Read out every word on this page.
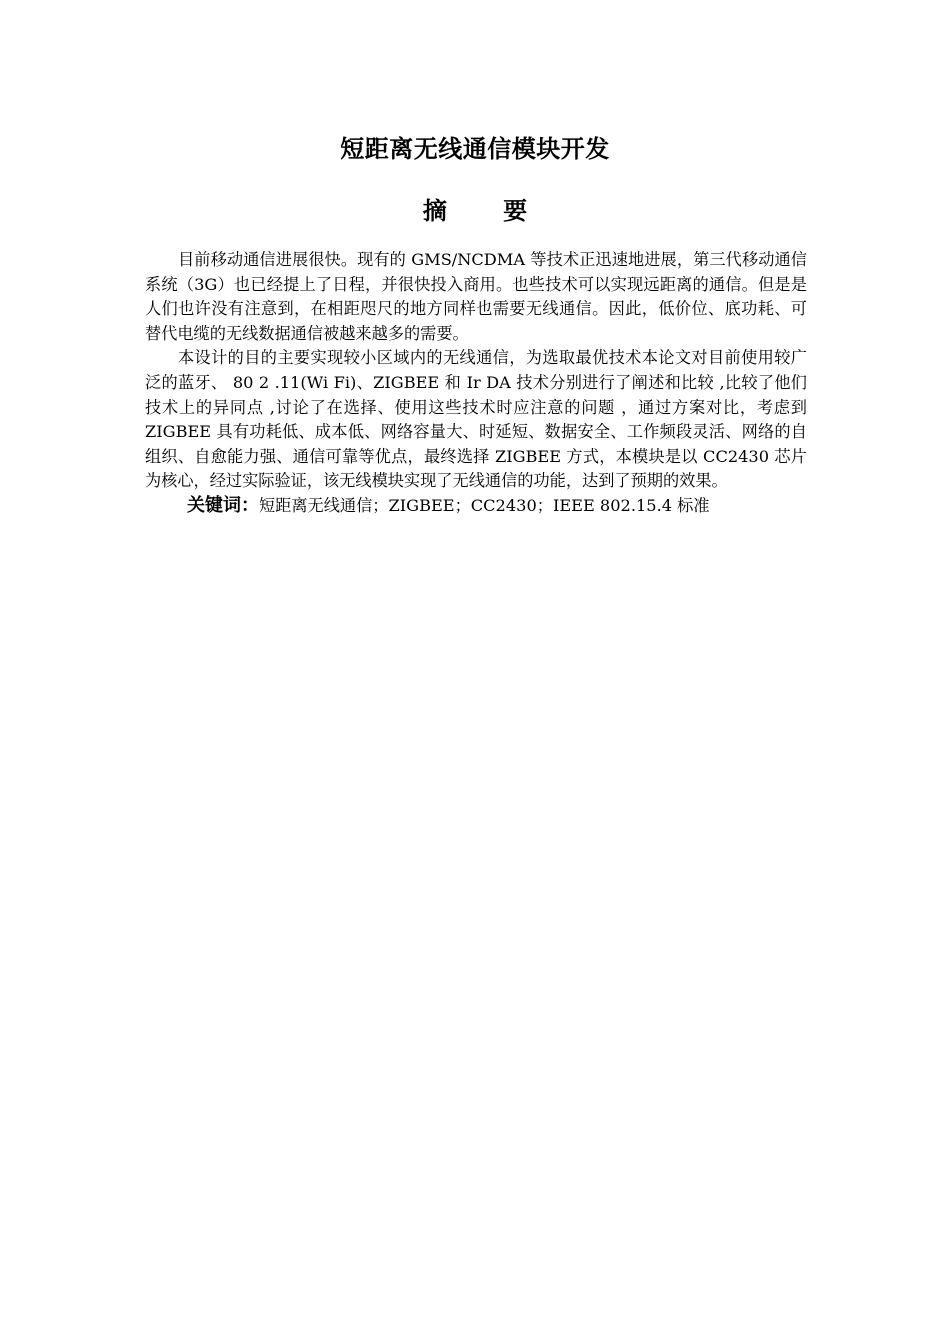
短距离无线通信模块开发
摘 要

目前移动通信进展很快。现有的 GMS/NCDMA 等技术正迅速地进展，第三代移动通信系统（3G）也已经提上了日程，并很快投入商用。也些技术可以实现远距离的通信。但是是人们也许没有注意到，在相距咫尺的地方同样也需要无线通信。因此，低价位、底功耗、可替代电缆的无线数据通信被越来越多的需要。

本设计的目的主要实现较小区域内的无线通信，为选取最优技术本论文对目前使用较广泛的蓝牙、 80 2 .11(Wi Fi)、ZIGBEE 和 Ir DA 技术分别进行了阐述和比较 ,比较了他们技术上的异同点 ,讨论了在选择、使用这些技术时应注意的问题 ，通过方案对比，考虑到 ZIGBEE 具有功耗低、成本低、网络容量大、时延短、数据安全、工作频段灵活、网络的自组织、自愈能力强、通信可靠等优点，最终选择 ZIGBEE 方式，本模块是以 CC2430 芯片为核心，经过实际验证，该无线模块实现了无线通信的功能，达到了预期的效果。

关键词：短距离无线通信；ZIGBEE；CC2430；IEEE 802.15.4 标准
